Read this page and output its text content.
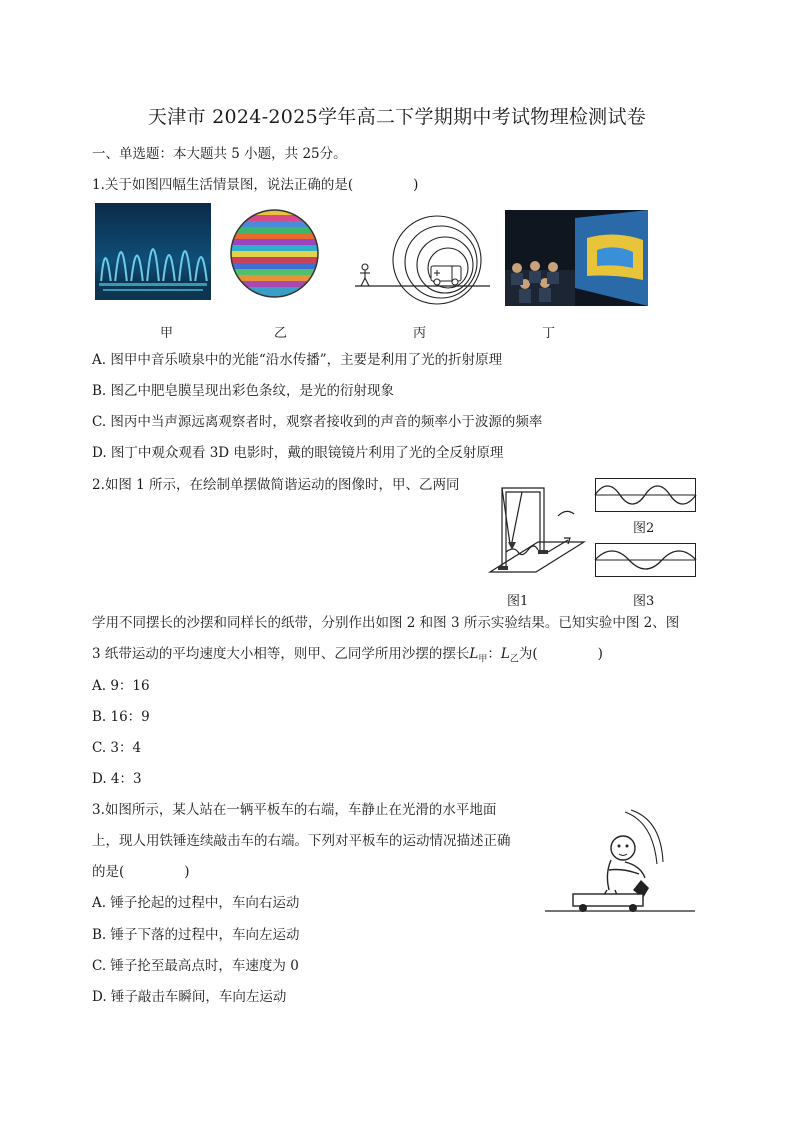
天津市 2024-2025学年高二下学期期中考试物理检测试卷
一、单选题：本大题共 5 小题，共 25分。
1.关于如图四幅生活情景图，说法正确的是(	)
甲	乙	丙	丁
A. 图甲中音乐喷泉中的光能“沿水传播”，主要是利用了光的折射原理
B. 图乙中肥皂膜呈现出彩色条纹，是光的衍射现象
C. 图丙中当声源远离观察者时，观察者接收到的声音的频率小于波源的频率
D. 图丁中观众观看 3D 电影时，戴的眼镜镜片利用了光的全反射原理
2.如图 1 所示，在绘制单摆做简谐运动的图像时，甲、乙两同
图1
图2
图3
学用不同摆长的沙摆和同样长的纸带，分别作出如图 2 和图 3 所示实验结果。已知实验中图 2、图
3 纸带运动的平均速度大小相等，则甲、乙同学所用沙摆的摆长$L_甲$：$L_乙$为(	)
A. 9：16
B. 16：9
C. 3：4
D. 4：3
3.如图所示，某人站在一辆平板车的右端，车静止在光滑的水平地面
上，现人用铁锤连续敲击车的右端。下列对平板车的运动情况描述正确
的是(	)
A. 锤子抡起的过程中，车向右运动
B. 锤子下落的过程中，车向左运动
C. 锤子抡至最高点时，车速度为 0
D. 锤子敲击车瞬间，车向左运动
